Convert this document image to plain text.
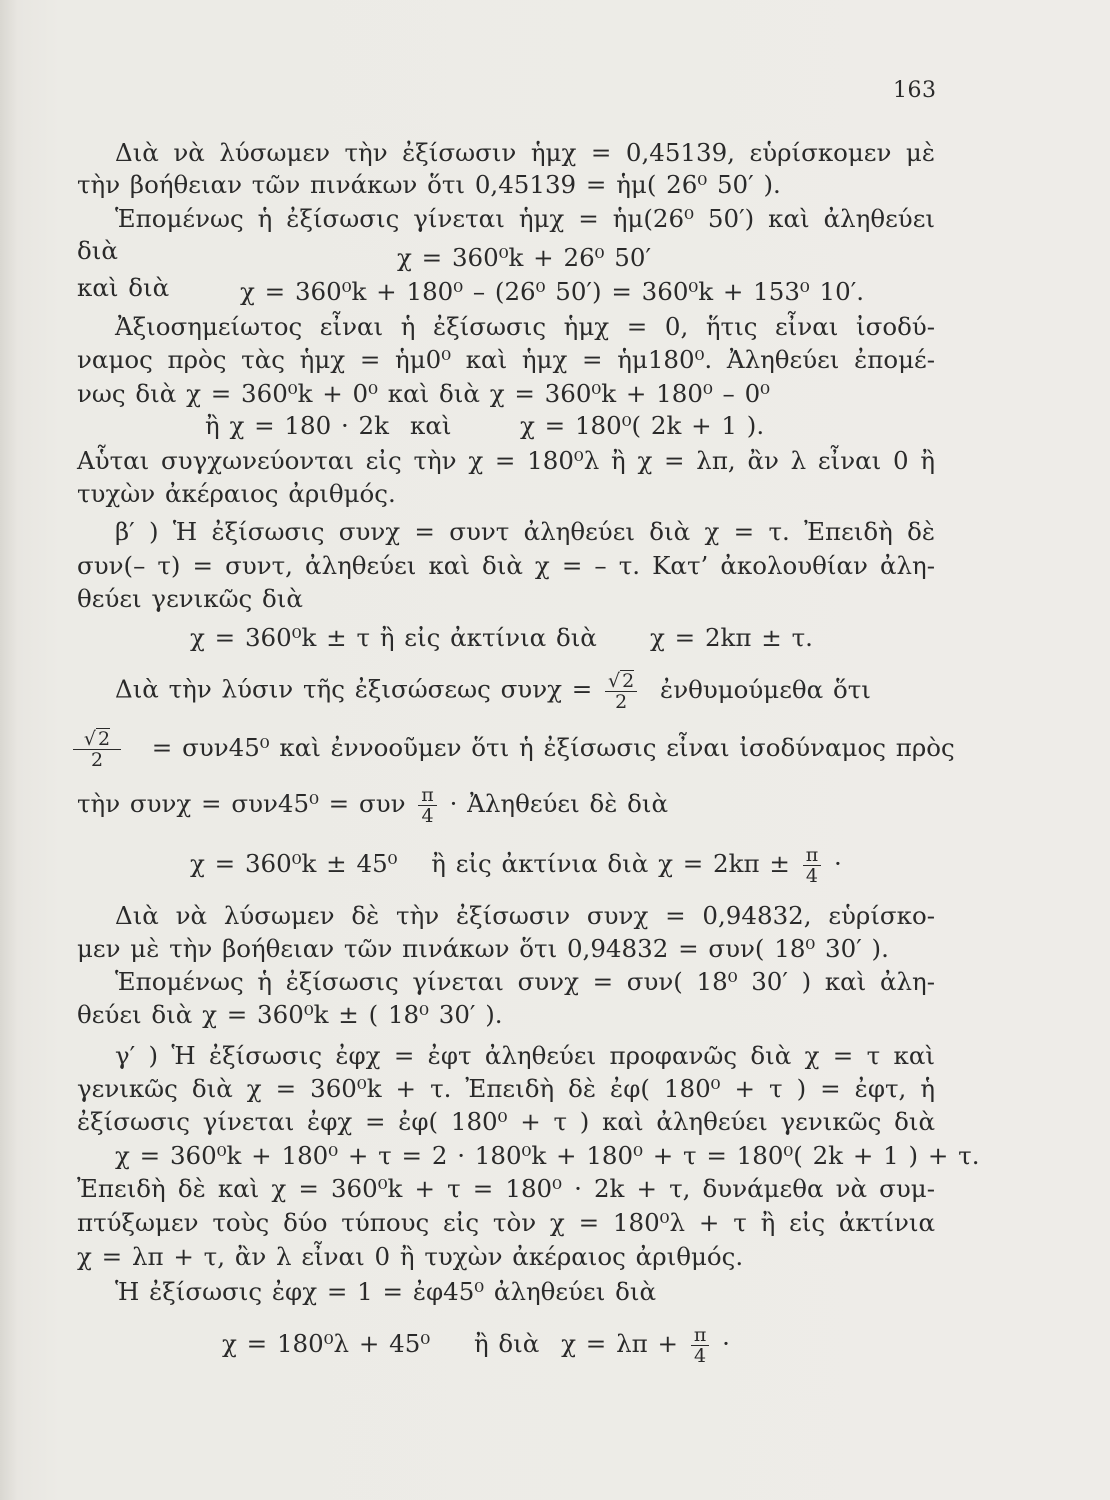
163
Διὰ νὰ λύσωμεν τὴν ἐξίσωσιν ἡμχ = 0,45139, εὑρίσκομεν μὲ
τὴν βοήθειαν τῶν πινάκων ὅτι 0,45139 = ἡμ( 26⁰ 50′ ).
Ἑπομένως ἡ ἐξίσωσις γίνεται ἡμχ = ἡμ(26⁰ 50′) καὶ ἀληθεύει
διὰ	χ = 360⁰k + 26⁰ 50′
καὶ διὰ	χ = 360⁰k + 180⁰ – (26⁰ 50′) = 360⁰k + 153⁰ 10′.
Ἀξιοσημείωτος εἶναι ἡ ἐξίσωσις ἡμχ = 0, ἥτις εἶναι ἰσοδύ-
ναμος πρὸς τὰς ἡμχ = ἡμ0⁰ καὶ ἡμχ = ἡμ180⁰. Ἀληθεύει ἐπομέ-
νως διὰ χ = 360⁰k + 0⁰ καὶ διὰ χ = 360⁰k + 180⁰ – 0⁰
ἢ χ = 180 · 2k καὶ	χ = 180⁰( 2k + 1 ).
Αὗται συγχωνεύονται εἰς τὴν χ = 180⁰λ ἢ χ = λπ, ἂν λ εἶναι 0 ἢ
τυχὼν ἀκέραιος ἀριθμός.
β′ ) Ἡ ἐξίσωσις συνχ = συντ ἀληθεύει διὰ χ = τ. Ἐπειδὴ δὲ
συν(– τ) = συντ, ἀληθεύει καὶ διὰ χ = – τ. Κατ’ ἀκολουθίαν ἀλη-
θεύει γενικῶς διὰ
χ = 360⁰k ± τ ἢ εἰς ἀκτίνια διὰ χ = 2kπ ± τ.
Διὰ τὴν λύσιν τῆς ἐξισώσεως $\sigma\upsilon\nu\chi = \frac{√ 2}{2}$ ἐνθυμούμεθα ὅτι
$\frac{√ 2}{2} = \sigma\upsilon\nu 45^0$ καὶ ἐννοοῦμεν ὅτι ἡ ἐξίσωσις εἶναι ἰσοδύναμος πρὸς
τὴν συνχ = συν45⁰ = συν $\frac{\pi}{4}$ · Ἀληθεύει δὲ διὰ
χ = 360⁰k ± 45⁰ ἢ εἰς ἀκτίνια διὰ $\chi = 2k\pi \pm \frac{\pi}{4}$ ·
Διὰ νὰ λύσωμεν δὲ τὴν ἐξίσωσιν συνχ = 0,94832, εὑρίσκο-
μεν μὲ τὴν βοήθειαν τῶν πινάκων ὅτι 0,94832 = συν( 18⁰ 30′ ).
Ἑπομένως ἡ ἐξίσωσις γίνεται συνχ = συν( 18⁰ 30′ ) καὶ ἀλη-
θεύει διὰ χ = 360⁰k ± ( 18⁰ 30′ ).
γ′ ) Ἡ ἐξίσωσις ἐφχ = ἐφτ ἀληθεύει προφανῶς διὰ χ = τ καὶ
γενικῶς διὰ χ = 360⁰k + τ. Ἐπειδὴ δὲ ἐφ( 180⁰ + τ ) = ἐφτ, ἡ
ἐξίσωσις γίνεται ἐφχ = ἐφ( 180⁰ + τ ) καὶ ἀληθεύει γενικῶς διὰ
χ = 360⁰k + 180⁰ + τ = 2 · 180⁰k + 180⁰ + τ = 180⁰( 2k + 1 ) + τ.
Ἐπειδὴ δὲ καὶ χ = 360⁰k + τ = 180⁰ · 2k + τ, δυνάμεθα νὰ συμ-
πτύξωμεν τοὺς δύο τύπους εἰς τὸν χ = 180⁰λ + τ ἢ εἰς ἀκτίνια
χ = λπ + τ, ἂν λ εἶναι 0 ἢ τυχὼν ἀκέραιος ἀριθμός.
Ἡ ἐξίσωσις ἐφχ = 1 = ἐφ45⁰ ἀληθεύει διὰ
χ = 180⁰λ + 45⁰ ἢ διὰ $\chi = \lambda\pi + \frac{\pi}{4}$ ·
